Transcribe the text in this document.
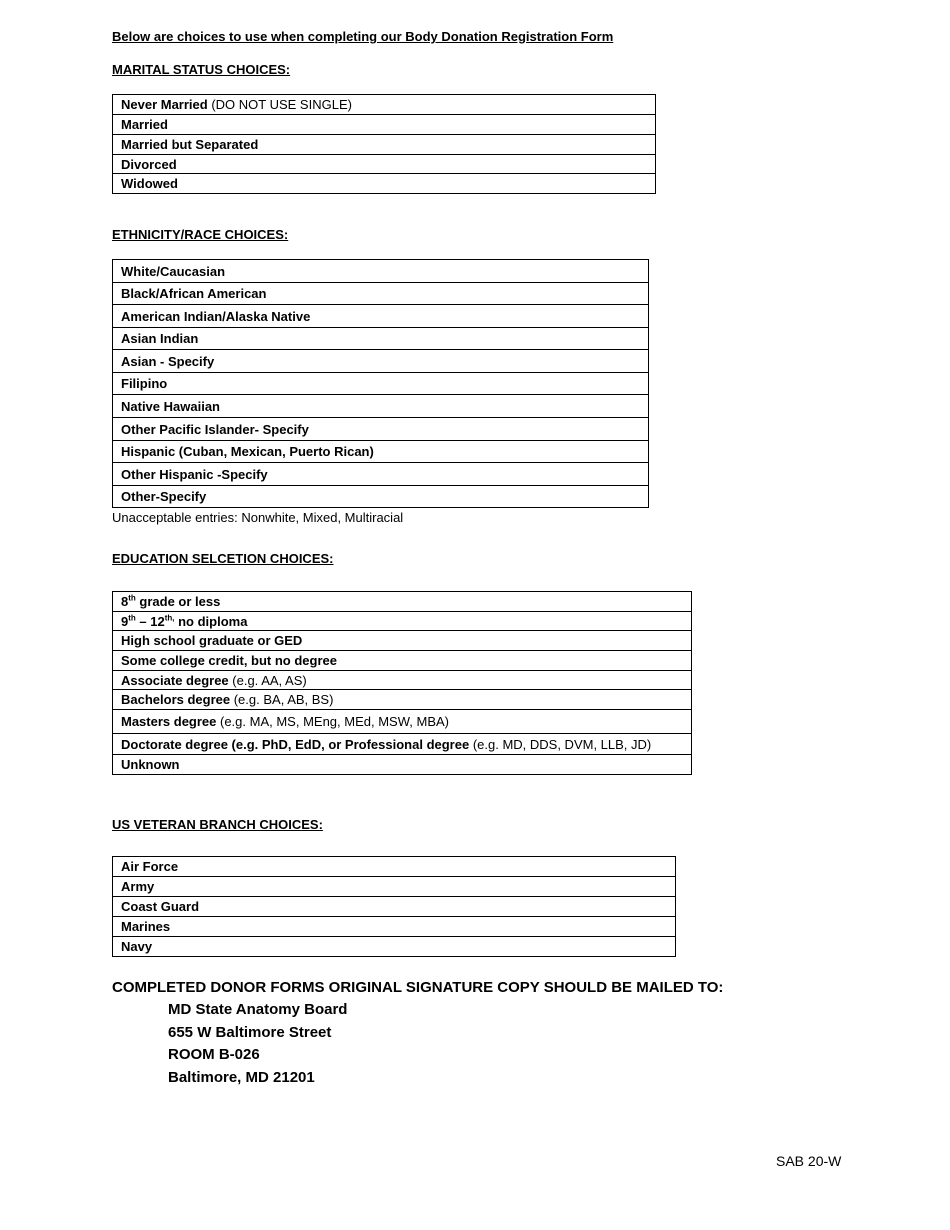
Below are choices to use when completing our Body Donation Registration Form
MARITAL STATUS CHOICES:
Never Married (DO NOT USE SINGLE)
Married
Married but Separated
Divorced
Widowed
ETHNICITY/RACE CHOICES:
White/Caucasian
Black/African American
American Indian/Alaska Native
Asian Indian
Asian - Specify
Filipino
Native Hawaiian
Other Pacific Islander- Specify
Hispanic (Cuban, Mexican, Puerto Rican)
Other Hispanic -Specify
Other-Specify
Unacceptable entries: Nonwhite, Mixed, Multiracial
EDUCATION SELCETION CHOICES:
8th grade or less
$9th - 12^{th,}$ no diploma
High school graduate or GED
Some college credit, but no degree
Associate degree (e.g. AA, AS)
Bachelors degree (e.g. BA, AB, BS)
Masters degree (e.g. MA, MS, MEng, MEd, MSW, MBA)
Doctorate degree (e.g. PhD, EdD, or Professional degree (e.g. MD, DDS, DVM, LLB, JD)
Unknown
US VETERAN BRANCH CHOICES:
Air Force
Army
Coast Guard
Marines
Navy
COMPLETED DONOR FORMS ORIGINAL SIGNATURE COPY SHOULD BE MAILED TO:
MD State Anatomy Board
655 W Baltimore Street
ROOM B-026
Baltimore, MD 21201
SAB 20-W
